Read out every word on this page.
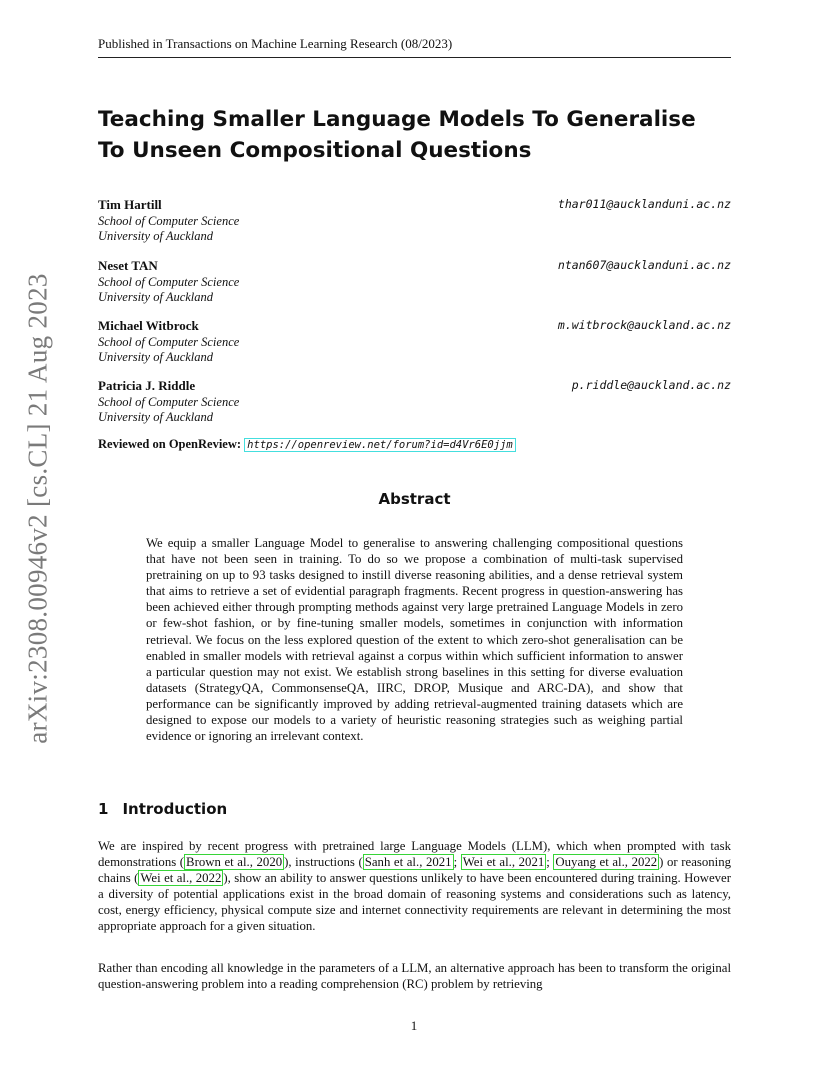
arXiv:2308.00946v2 [cs.CL] 21 Aug 2023
Published in Transactions on Machine Learning Research (08/2023)
Teaching Smaller Language Models To Generalise
To Unseen Compositional Questions
Tim Hartill	thar011@aucklanduni.ac.nz
School of Computer Science
University of Auckland
Neset TAN	ntan607@aucklanduni.ac.nz
School of Computer Science
University of Auckland
Michael Witbrock	m.witbrock@auckland.ac.nz
School of Computer Science
University of Auckland
Patricia J. Riddle	p.riddle@auckland.ac.nz
School of Computer Science
University of Auckland
Reviewed on OpenReview: https://openreview.net/forum?id=d4Vr6E0jjm
Abstract

We equip a smaller Language Model to generalise to answering challenging compositional questions that have not been seen in training. To do so we propose a combination of multi-task supervised pretraining on up to 93 tasks designed to instill diverse reasoning abilities, and a dense retrieval system that aims to retrieve a set of evidential paragraph fragments. Recent progress in question-answering has been achieved either through prompting methods against very large pretrained Language Models in zero or few-shot fashion, or by fine-tuning smaller models, sometimes in conjunction with information retrieval. We focus on the less explored question of the extent to which zero-shot generalisation can be enabled in smaller models with retrieval against a corpus within which sufficient information to answer a particular question may not exist. We establish strong baselines in this setting for diverse evaluation datasets (StrategyQA, CommonsenseQA, IIRC, DROP, Musique and ARC-DA), and show that performance can be significantly improved by adding retrieval-augmented training datasets which are designed to expose our models to a variety of heuristic reasoning strategies such as weighing partial evidence or ignoring an irrelevant context.

1 Introduction

We are inspired by recent progress with pretrained large Language Models (LLM), which when prompted with task demonstrations ( Brown et al., 2020 ), instructions ( Sanh et al., 2021 ; Wei et al., 2021 ; Ouyang et al., 2022 ) or reasoning chains ( Wei et al., 2022 ), show an ability to answer questions unlikely to have been encountered during training. However a diversity of potential applications exist in the broad domain of reasoning systems and considerations such as latency, cost, energy efficiency, physical compute size and internet connectivity requirements are relevant in determining the most appropriate approach for a given situation.

Rather than encoding all knowledge in the parameters of a LLM, an alternative approach has been to transform the original question-answering problem into a reading comprehension (RC) problem by retrieving

1
